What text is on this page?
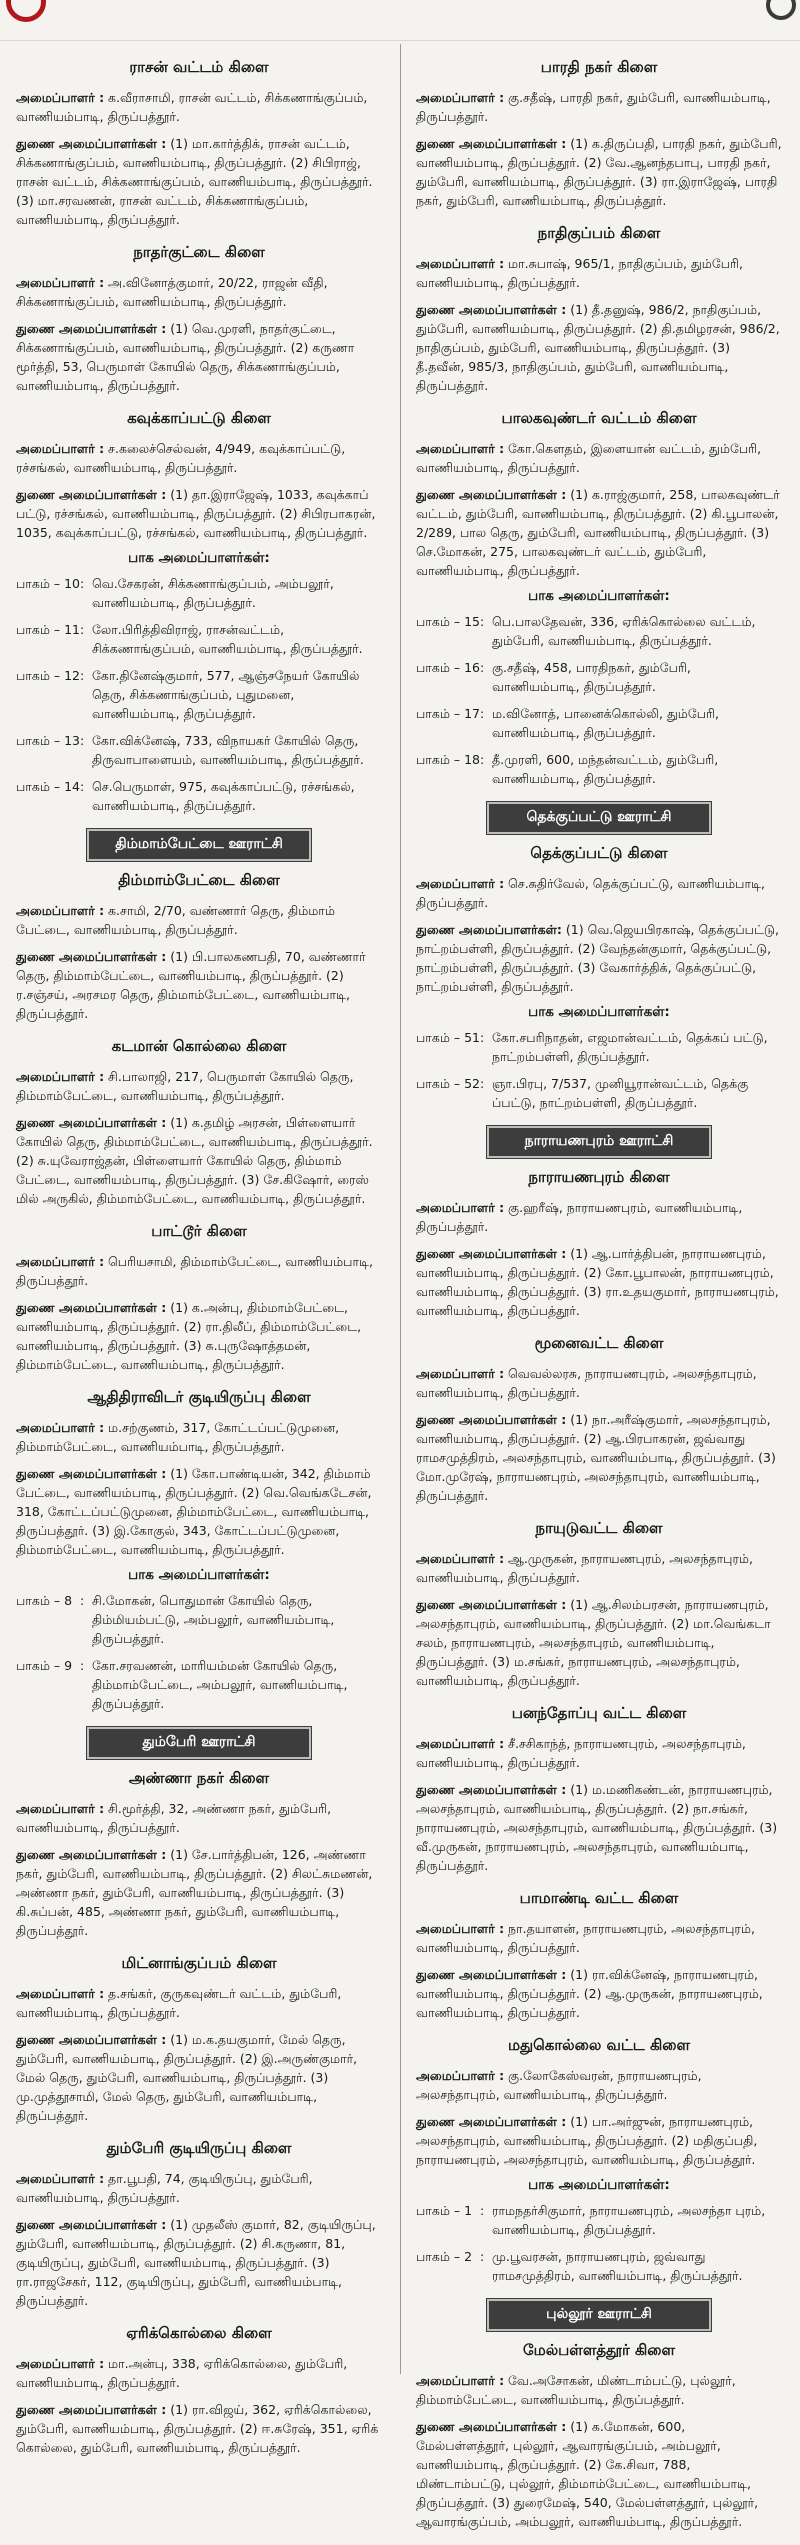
ராசன் வட்டம் கிளை
அமைப்பாளர் : க.வீராசாமி, ராசன் வட்டம், சிக்கணாங்குப்பம், வாணியம்பாடி, திருப்பத்தூர்.
துணை அமைப்பாளர்கள் : (1) மா.கார்த்திக், ராசன் வட்டம், சிக்கணாங்குப்பம், வாணியம்பாடி, திருப்பத்தூர். (2) சிபிராஜ், ராசன் வட்டம், சிக்கணாங்குப்பம், வாணியம்பாடி, திருப்பத்தூர். (3) மா.சரவணன், ராசன் வட்டம், சிக்கணாங்குப்பம், வாணியம்பாடி, திருப்பத்தூர்.
நாதர்குட்டை கிளை
அமைப்பாளர் : அ.வினோத்குமார், 20/22, ராஜன் வீதி, சிக்கணாங்குப்பம், வாணியம்பாடி, திருப்பத்தூர்.
துணை அமைப்பாளர்கள் : (1) வெ.முரளி, நாதர்குட்டை, சிக்கணாங்குப்பம், வாணியம்பாடி, திருப்பத்தூர். (2) கருணா மூர்த்தி, 53, பெருமாள் கோயில் தெரு, சிக்கணாங்குப்பம், வாணியம்பாடி, திருப்பத்தூர்.
கவுக்காப்பட்டு கிளை
அமைப்பாளர் : ச.கலைச்செல்வன், 4/949, கவுக்காப்பட்டு, ரச்சங்கல், வாணியம்பாடி, திருப்பத்தூர்.
துணை அமைப்பாளர்கள் : (1) தா.இராஜேஷ், 1033, கவுக்காப் பட்டு, ரச்சங்கல், வாணியம்பாடி, திருப்பத்தூர். (2) சிபிரபாகரன், 1035, கவுக்காப்பட்டு, ரச்சங்கல், வாணியம்பாடி, திருப்பத்தூர்.
பாக அமைப்பாளர்கள்:
பாகம் – 10 : வெ.சேகரன், சிக்கணாங்குப்பம், அம்பலூர், வாணியம்பாடி, திருப்பத்தூர்.
பாகம் – 11 : லோ.பிரித்திவிராஜ், ராசன்வட்டம், சிக்கணாங்குப்பம், வாணியம்பாடி, திருப்பத்தூர்.
பாகம் – 12 : கோ.தினேஷ்குமார், 577, ஆஞ்சநேயர் கோயில் தெரு, சிக்கணாங்குப்பம், புதுமனை, வாணியம்பாடி, திருப்பத்தூர்.
பாகம் – 13 : கோ.விக்னேஷ், 733, விநாயகர் கோயில் தெரு, திருவாபாளையம், வாணியம்பாடி, திருப்பத்தூர்.
பாகம் – 14 : செ.பெருமாள், 975, கவுக்காப்பட்டு, ரச்சங்கல், வாணியம்பாடி, திருப்பத்தூர்.
திம்மாம்பேட்டை ஊராட்சி
திம்மாம்பேட்டை கிளை
அமைப்பாளர் : க.சாமி, 2/70, வண்ணார் தெரு, திம்மாம் பேட்டை, வாணியம்பாடி, திருப்பத்தூர்.
துணை அமைப்பாளர்கள் : (1) பி.பாலகணபதி, 70, வண்ணார் தெரு, திம்மாம்பேட்டை, வாணியம்பாடி, திருப்பத்தூர். (2) ர.சஞ்சய், அரசமர தெரு, திம்மாம்பேட்டை, வாணியம்பாடி, திருப்பத்தூர்.
கடமான் கொல்லை கிளை
அமைப்பாளர் : சி.பாலாஜி, 217, பெருமாள் கோயில் தெரு, திம்மாம்பேட்டை, வாணியம்பாடி, திருப்பத்தூர்.
துணை அமைப்பாளர்கள் : (1) க.தமிழ் அரசன், பிள்ளையார் கோயில் தெரு, திம்மாம்பேட்டை, வாணியம்பாடி, திருப்பத்தூர். (2) சு.யுவேராஜ்தன், பிள்ளையார் கோயில் தெரு, திம்மாம் பேட்டை, வாணியம்பாடி, திருப்பத்தூர். (3) சே.கிஷோர், ரைஸ் மில் அருகில், திம்மாம்பேட்டை, வாணியம்பாடி, திருப்பத்தூர்.
பாட்டூர் கிளை
அமைப்பாளர் : பெரியசாமி, திம்மாம்பேட்டை, வாணியம்பாடி, திருப்பத்தூர்.
துணை அமைப்பாளர்கள் : (1) க.அன்பு, திம்மாம்பேட்டை, வாணியம்பாடி, திருப்பத்தூர். (2) ரா.திலீப், திம்மாம்பேட்டை, வாணியம்பாடி, திருப்பத்தூர். (3) சு.புருஷோத்தமன், திம்மாம்பேட்டை, வாணியம்பாடி, திருப்பத்தூர்.
ஆதிதிராவிடர் குடியிருப்பு கிளை
அமைப்பாளர் : ம.சற்குணம், 317, கோட்டப்பட்டுமுனை, திம்மாம்பேட்டை, வாணியம்பாடி, திருப்பத்தூர்.
துணை அமைப்பாளர்கள் : (1) கோ.பாண்டியன், 342, திம்மாம் பேட்டை, வாணியம்பாடி, திருப்பத்தூர். (2) வெ.வெங்கடேசன், 318, கோட்டப்பட்டுமுனை, திம்மாம்பேட்டை, வாணியம்பாடி, திருப்பத்தூர். (3) இ.கோகுல், 343, கோட்டப்பட்டுமுனை, திம்மாம்பேட்டை, வாணியம்பாடி, திருப்பத்தூர்.
பாக அமைப்பாளர்கள்:
பாகம் – 8 : சி.மோகன், பொதுமான் கோயில் தெரு, திம்மியம்பட்டு, அம்பலூர், வாணியம்பாடி, திருப்பத்தூர்.
பாகம் – 9 : கோ.சரவணன், மாரியம்மன் கோயில் தெரு, திம்மாம்பேட்டை, அம்பலூர், வாணியம்பாடி, திருப்பத்தூர்.
தும்பேரி ஊராட்சி
அண்ணா நகர் கிளை
அமைப்பாளர் : சி.மூர்த்தி, 32, அண்ணா நகர், தும்பேரி, வாணியம்பாடி, திருப்பத்தூர்.
துணை அமைப்பாளர்கள் : (1) சே.பார்த்திபன், 126, அண்ணா நகர், தும்பேரி, வாணியம்பாடி, திருப்பத்தூர். (2) சிலட்சுமணன், அண்ணா நகர், தும்பேரி, வாணியம்பாடி, திருப்பத்தூர். (3) கி.சுப்பன், 485, அண்ணா நகர், தும்பேரி, வாணியம்பாடி, திருப்பத்தூர்.
மிட்னாங்குப்பம் கிளை
அமைப்பாளர் : த.சங்கர், குருகவுண்டர் வட்டம், தும்பேரி, வாணியம்பாடி, திருப்பத்தூர்.
துணை அமைப்பாளர்கள் : (1) ம.க.தயகுமார், மேல் தெரு, தும்பேரி, வாணியம்பாடி, திருப்பத்தூர். (2) இ.அருண்குமார், மேல் தெரு, தும்பேரி, வாணியம்பாடி, திருப்பத்தூர். (3) மு.முத்தூசாமி, மேல் தெரு, தும்பேரி, வாணியம்பாடி, திருப்பத்தூர்.
தும்பேரி குடியிருப்பு கிளை
அமைப்பாளர் : தா.பூபதி, 74, குடியிருப்பு, தும்பேரி, வாணியம்பாடி, திருப்பத்தூர்.
துணை அமைப்பாளர்கள் : (1) முதலீஸ் குமார், 82, குடியிருப்பு, தும்பேரி, வாணியம்பாடி, திருப்பத்தூர். (2) சி.கருணா, 81, குடியிருப்பு, தும்பேரி, வாணியம்பாடி, திருப்பத்தூர். (3) ரா.ராஜசேகர், 112, குடியிருப்பு, தும்பேரி, வாணியம்பாடி, திருப்பத்தூர்.
ஏரிக்கொல்லை கிளை
அமைப்பாளர் : மா.அன்பு, 338, ஏரிக்கொல்லை, தும்பேரி, வாணியம்பாடி, திருப்பத்தூர்.
துணை அமைப்பாளர்கள் : (1) ரா.விஜய், 362, ஏரிக்கொல்லை, தும்பேரி, வாணியம்பாடி, திருப்பத்தூர். (2) ஈ.சுரேஷ், 351, ஏரிக் கொல்லை, தும்பேரி, வாணியம்பாடி, திருப்பத்தூர்.
பாரதி நகர் கிளை
அமைப்பாளர் : கு.சதீஷ், பாரதி நகர், தும்பேரி, வாணியம்பாடி, திருப்பத்தூர்.
துணை அமைப்பாளர்கள் : (1) க.திருப்பதி, பாரதி நகர், தும்பேரி, வாணியம்பாடி, திருப்பத்தூர். (2) வே.ஆனந்தபாபு, பாரதி நகர், தும்பேரி, வாணியம்பாடி, திருப்பத்தூர். (3) ரா.இராஜேஷ், பாரதி நகர், தும்பேரி, வாணியம்பாடி, திருப்பத்தூர்.
நாதிகுப்பம் கிளை
அமைப்பாளர் : மா.சுபாஷ், 965/1, நாதிகுப்பம், தும்பேரி, வாணியம்பாடி, திருப்பத்தூர்.
துணை அமைப்பாளர்கள் : (1) தீ.தனுஷ், 986/2, நாதிகுப்பம், தும்பேரி, வாணியம்பாடி, திருப்பத்தூர். (2) தி.தமிழரசன், 986/2, நாதிகுப்பம், தும்பேரி, வாணியம்பாடி, திருப்பத்தூர். (3) தீ.தவீன், 985/3, நாதிகுப்பம், தும்பேரி, வாணியம்பாடி, திருப்பத்தூர்.
பாலகவுண்டர் வட்டம் கிளை
அமைப்பாளர் : கோ.கௌதம், இளையான் வட்டம், தும்பேரி, வாணியம்பாடி, திருப்பத்தூர்.
துணை அமைப்பாளர்கள் : (1) க.ராஜ்குமார், 258, பாலகவுண்டர் வட்டம், தும்பேரி, வாணியம்பாடி, திருப்பத்தூர். (2) கி.பூபாலன், 2/289, பால தெரு, தும்பேரி, வாணியம்பாடி, திருப்பத்தூர். (3) செ.மோகன், 275, பாலகவுண்டர் வட்டம், தும்பேரி, வாணியம்பாடி, திருப்பத்தூர்.
பாக அமைப்பாளர்கள்:
பாகம் – 15 : பெ.பாலதேவன், 336, ஏரிக்கொல்லை வட்டம், தும்பேரி, வாணியம்பாடி, திருப்பத்தூர்.
பாகம் – 16 : கு.சதீஷ், 458, பாரதிநகர், தும்பேரி, வாணியம்பாடி, திருப்பத்தூர்.
பாகம் – 17 : ம.வினோத், பானைக்கொல்லி, தும்பேரி, வாணியம்பாடி, திருப்பத்தூர்.
பாகம் – 18 : தீ.முரளி, 600, மந்தன்வட்டம், தும்பேரி, வாணியம்பாடி, திருப்பத்தூர்.
தெக்குப்பட்டு ஊராட்சி
தெக்குப்பட்டு கிளை
அமைப்பாளர் : செ.சுதிர்வேல், தெக்குப்பட்டு, வாணியம்பாடி, திருப்பத்தூர்.
துணை அமைப்பாளர்கள்: (1) வெ.ஜெயபிரகாஷ், தெக்குப்பட்டு, நாட்றம்பள்ளி, திருப்பத்தூர். (2) வேந்தன்குமார், தெக்குப்பட்டு, நாட்றம்பள்ளி, திருப்பத்தூர். (3) வேகார்த்திக், தெக்குப்பட்டு, நாட்றம்பள்ளி, திருப்பத்தூர்.
பாக அமைப்பாளர்கள்:
பாகம் – 51 : கோ.சபரிநாதன், எஜமான்வட்டம், தெக்கப் பட்டு, நாட்றம்பள்ளி, திருப்பத்தூர்.
பாகம் – 52 : ஞா.பிரபு, 7/537, முனியூரான்வட்டம், தெக்கு ப்பட்டு, நாட்றம்பள்ளி, திருப்பத்தூர்.
நாராயணபுரம் ஊராட்சி
நாராயணபுரம் கிளை
அமைப்பாளர் : கு.ஹரீஷ், நாராயணபுரம், வாணியம்பாடி, திருப்பத்தூர்.
துணை அமைப்பாளர்கள் : (1) ஆ.பார்த்திபன், நாராயணபுரம், வாணியம்பாடி, திருப்பத்தூர். (2) கோ.பூபாலன், நாராயணபுரம், வாணியம்பாடி, திருப்பத்தூர். (3) ரா.உதயகுமார், நாராயணபுரம், வாணியம்பாடி, திருப்பத்தூர்.
மூனைவட்ட கிளை
அமைப்பாளர் : வெவல்லரசு, நாராயணபுரம், அலசந்தாபுரம், வாணியம்பாடி, திருப்பத்தூர்.
துணை அமைப்பாளர்கள் : (1) நா.அரீஷ்குமார், அலசந்தாபுரம், வாணியம்பாடி, திருப்பத்தூர். (2) ஆ.பிரபாகரன், ஜவ்வாது ராமசமுத்திரம், அலசந்தாபுரம், வாணியம்பாடி, திருப்பத்தூர். (3) மோ.முரேஷ், நாராயணபுரம், அலசந்தாபுரம், வாணியம்பாடி, திருப்பத்தூர்.
நாயுடுவட்ட கிளை
அமைப்பாளர் : ஆ.முருகன், நாராயணபுரம், அலசந்தாபுரம், வாணியம்பாடி, திருப்பத்தூர்.
துணை அமைப்பாளர்கள் : (1) ஆ.சிலம்பரசன், நாராயணபுரம், அலசந்தாபுரம், வாணியம்பாடி, திருப்பத்தூர். (2) மா.வெங்கடா சலம், நாராயணபுரம், அலசந்தாபுரம், வாணியம்பாடி, திருப்பத்தூர். (3) ம.சங்கர், நாராயணபுரம், அலசந்தாபுரம், வாணியம்பாடி, திருப்பத்தூர்.
பனந்தோப்பு வட்ட கிளை
அமைப்பாளர் : சீ.சசிகாந்த், நாராயணபுரம், அலசந்தாபுரம், வாணியம்பாடி, திருப்பத்தூர்.
துணை அமைப்பாளர்கள் : (1) ம.மணிகண்டன், நாராயணபுரம், அலசந்தாபுரம், வாணியம்பாடி, திருப்பத்தூர். (2) நா.சங்கர், நாராயணபுரம், அலசந்தாபுரம், வாணியம்பாடி, திருப்பத்தூர். (3) வீ.முருகன், நாராயணபுரம், அலசந்தாபுரம், வாணியம்பாடி, திருப்பத்தூர்.
பாமாண்டி வட்ட கிளை
அமைப்பாளர் : நா.தயாளன், நாராயணபுரம், அலசந்தாபுரம், வாணியம்பாடி, திருப்பத்தூர்.
துணை அமைப்பாளர்கள் : (1) ரா.விக்னேஷ், நாராயணபுரம், வாணியம்பாடி, திருப்பத்தூர். (2) ஆ.முருகன், நாராயணபுரம், வாணியம்பாடி, திருப்பத்தூர்.
மதுகொல்லை வட்ட கிளை
அமைப்பாளர் : கு.லோகேஸ்வரன், நாராயணபுரம், அலசந்தாபுரம், வாணியம்பாடி, திருப்பத்தூர்.
துணை அமைப்பாளர்கள் : (1) பா.அர்ஜுன், நாராயணபுரம், அலசந்தாபுரம், வாணியம்பாடி, திருப்பத்தூர். (2) மதிகுப்பதி, நாராயணபுரம், அலசந்தாபுரம், வாணியம்பாடி, திருப்பத்தூர்.
பாக அமைப்பாளர்கள்:
பாகம் – 1 : ராமநதர்சிகுமார், நாராயணபுரம், அலசந்தா புரம், வாணியம்பாடி, திருப்பத்தூர்.
பாகம் – 2 : மு.பூவரசன், நாராயணபுரம், ஜவ்வாது ராமசமுத்திரம், வாணியம்பாடி, திருப்பத்தூர்.
புல்லூர் ஊராட்சி
மேல்பள்ளத்தூர் கிளை
அமைப்பாளர் : வே.அசோகன், மிண்டாம்பட்டு, புல்லூர், திம்மாம்பேட்டை, வாணியம்பாடி, திருப்பத்தூர்.
துணை அமைப்பாளர்கள் : (1) க.மோகன், 600, மேல்பள்ளத்தூர், புல்லூர், ஆவாரங்குப்பம், அம்பலூர், வாணியம்பாடி, திருப்பத்தூர். (2) கே.சிவா, 788, மிண்டாம்பட்டு, புல்லூர், திம்மாம்பேட்டை, வாணியம்பாடி, திருப்பத்தூர். (3) துரைமேஷ், 540, மேல்பள்ளத்தூர், புல்லூர், ஆவாரங்குப்பம், அம்பலூர், வாணியம்பாடி, திருப்பத்தூர்.
